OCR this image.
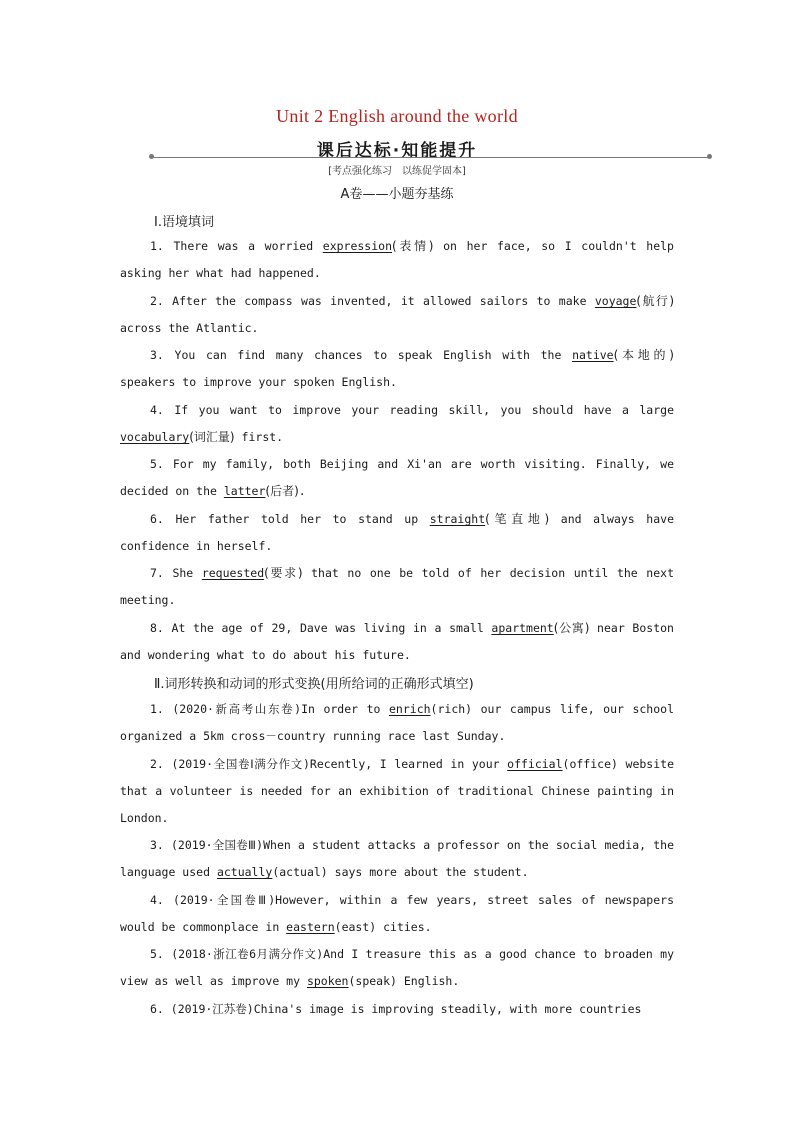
Unit 2 English around the world
课后达标·知能提升
[考点强化练习　以练促学固本]
A卷——小题夯基练
Ⅰ.语境填词
1. There was a worried expression(表情) on her face, so I couldn't help asking her what had happened.
2. After the compass was invented, it allowed sailors to make voyage(航行) across the Atlantic.
3. You can find many chances to speak English with the native(本地的) speakers to improve your spoken English.
4. If you want to improve your reading skill, you should have a large vocabulary(词汇量) first.
5. For my family, both Beijing and Xi'an are worth visiting. Finally, we decided on the latter(后者).
6. Her father told her to stand up straight(笔直地) and always have confidence in herself.
7. She requested(要求) that no one be told of her decision until the next meeting.
8. At the age of 29, Dave was living in a small apartment(公寓) near Boston and wondering what to do about his future.
Ⅱ.词形转换和动词的形式变换(用所给词的正确形式填空)
1. (2020·新高考山东卷)In order to enrich(rich) our campus life, our school organized a 5km cross－country running race last Sunday.
2. (2019·全国卷Ⅰ满分作文)Recently, I learned in your official(office) website that a volunteer is needed for an exhibition of traditional Chinese painting in London.
3. (2019·全国卷Ⅲ)When a student attacks a professor on the social media, the language used actually(actual) says more about the student.
4. (2019·全国卷Ⅲ)However, within a few years, street sales of newspapers would be commonplace in eastern(east) cities.
5. (2018·浙江卷6月满分作文)And I treasure this as a good chance to broaden my view as well as improve my spoken(speak) English.
6. (2019·江苏卷)China's image is improving steadily, with more countries
